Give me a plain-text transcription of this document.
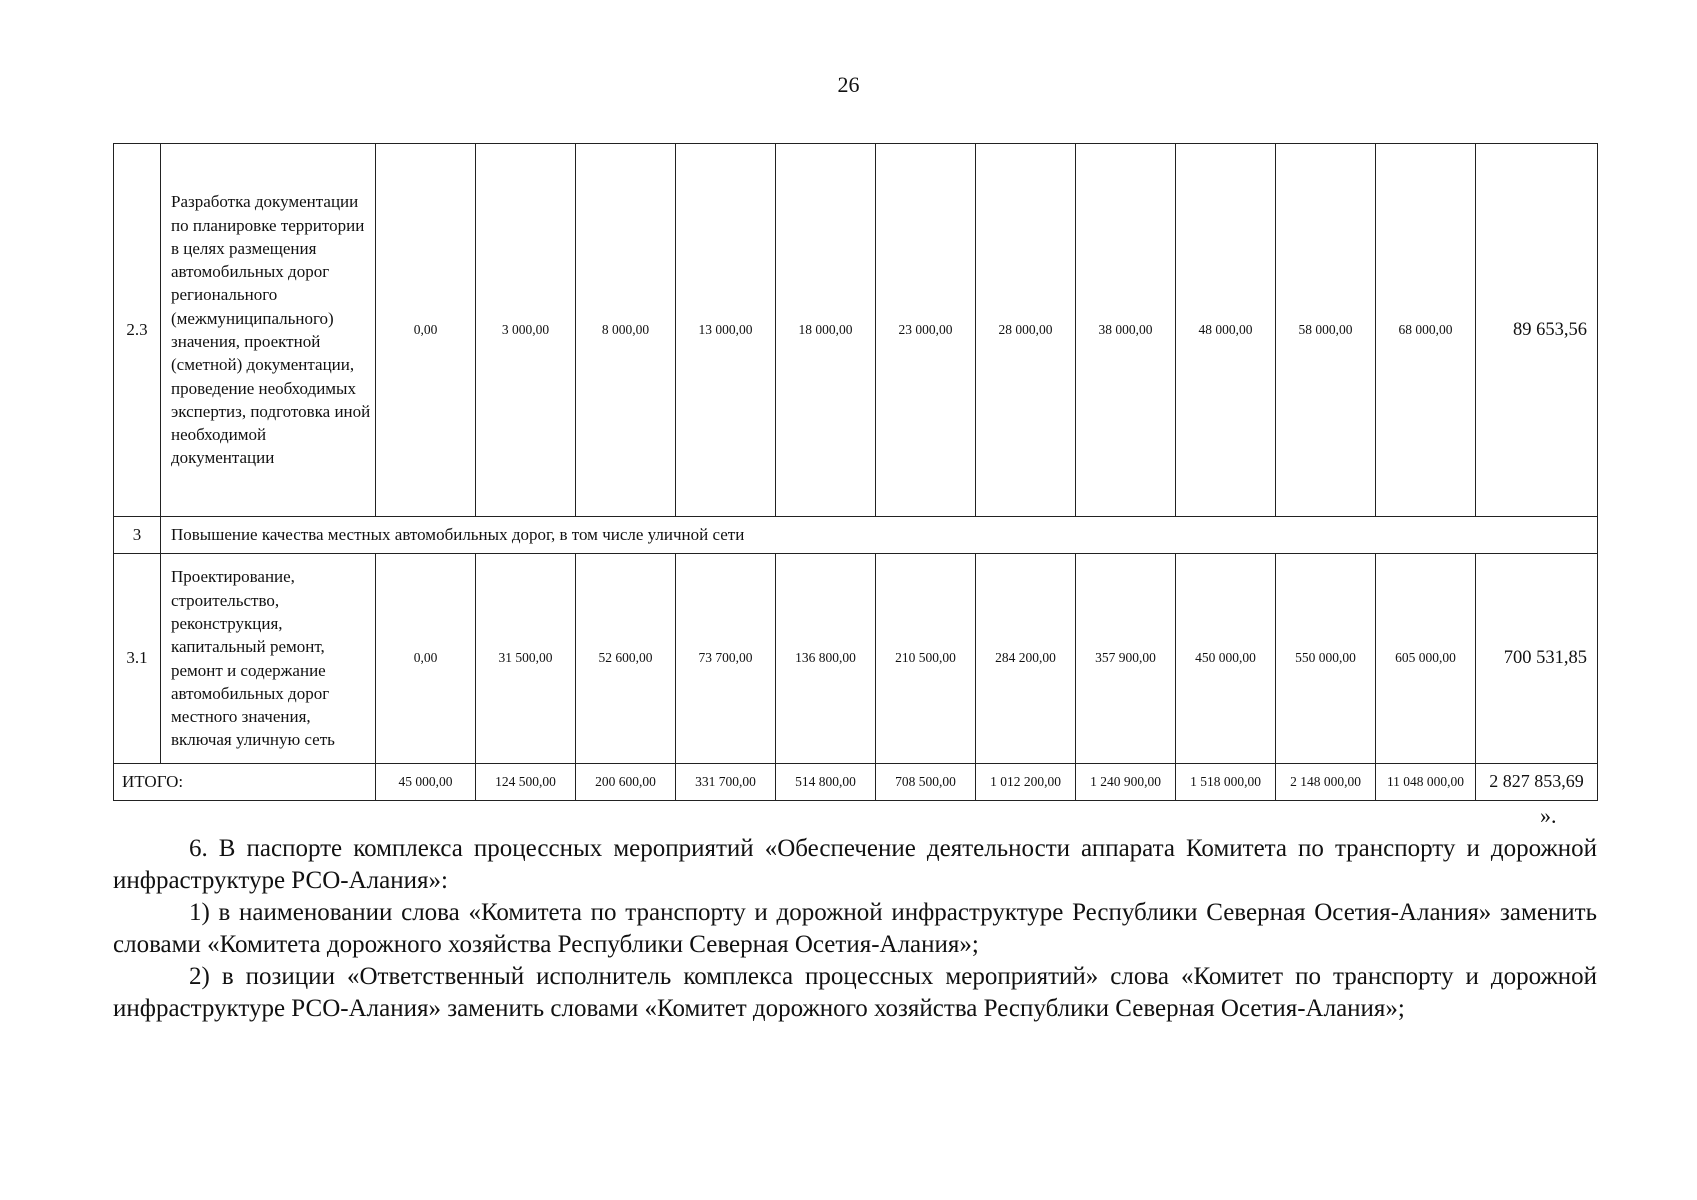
26
2.3	Разработка документации по планировке территории в целях размещения автомобильных дорог регионального (межмуниципального) значения, проектной (сметной) документации, проведение необходимых экспертиз, подготовка иной необходимой документации	0,00	3 000,00	8 000,00	13 000,00	18 000,00	23 000,00	28 000,00	38 000,00	48 000,00	58 000,00	68 000,00	89 653,56
3	Повышение качества местных автомобильных дорог, в том числе уличной сети												
3.1	Проектирование, строительство, реконструкция, капитальный ремонт, ремонт и содержание автомобильных дорог местного значения, включая уличную сеть	0,00	31 500,00	52 600,00	73 700,00	136 800,00	210 500,00	284 200,00	357 900,00	450 000,00	550 000,00	605 000,00	700 531,85
ИТОГО:		45 000,00	124 500,00	200 600,00	331 700,00	514 800,00	708 500,00	1 012 200,00	1 240 900,00	1 518 000,00	2 148 000,00	11 048 000,00	2 827 853,69
».

6. В паспорте комплекса процессных мероприятий «Обеспечение деятельности аппарата Комитета по транспорту и дорожной инфраструктуре РСО-Алания»:

1) в наименовании слова «Комитета по транспорту и дорожной инфраструктуре Республики Северная Осетия-Алания» заменить словами «Комитета дорожного хозяйства Республики Северная Осетия-Алания»;

2) в позиции «Ответственный исполнитель комплекса процессных мероприятий» слова «Комитет по транспорту и дорожной инфраструктуре РСО-Алания» заменить словами «Комитет дорожного хозяйства Республики Северная Осетия-Алания»;
